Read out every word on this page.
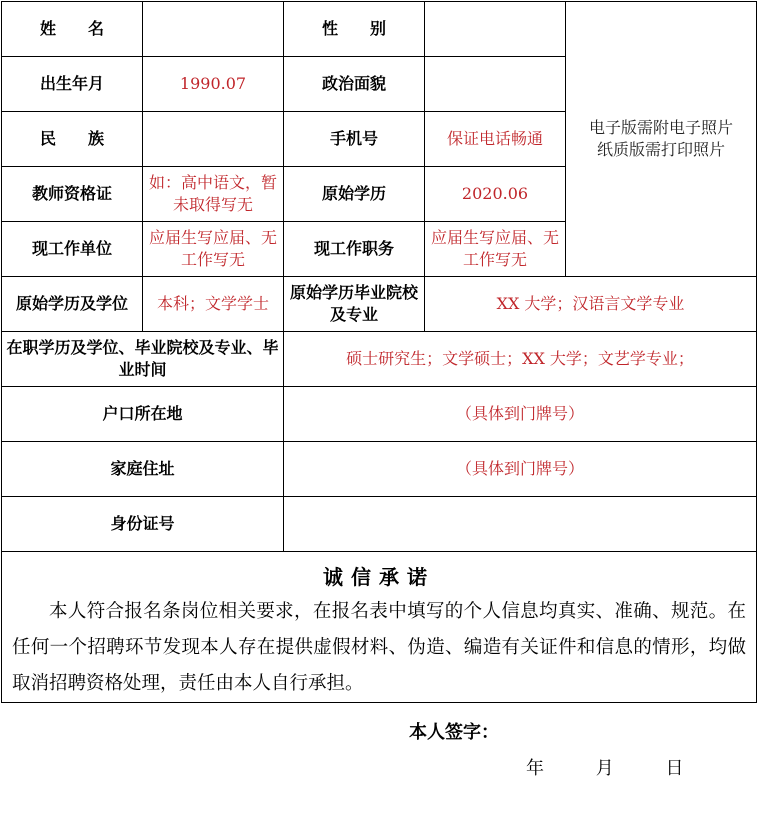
姓　　名		性　　别		电子版需附电子照片
纸质版需打印照片
出生年月	1990.07	政治面貌		
民　　族		手机号	保证电话畅通	
教师资格证	如：高中语文，暂未取得写无	原始学历	2020.06	
现工作单位	应届生写应届、无工作写无	现工作职务	应届生写应届、无工作写无	
原始学历及学位	本科；文学学士	原始学历毕业院校及专业	XX 大学；汉语言文学专业	
在职学历及学位、毕业院校及专业、毕业时间		硕士研究生；文学硕士；XX 大学；文艺学专业；		
户口所在地		（具体到门牌号）		
家庭住址		（具体到门牌号）		
身份证号				

诚信承诺
本人符合报名条岗位相关要求，在报名表中填写的个人信息均真实、准确、规范。在任何一个招聘环节发现本人存在提供虚假材料、伪造、编造有关证件和信息的情形，均做取消招聘资格处理，责任由本人自行承担。
本人签字：
年 月 日				
